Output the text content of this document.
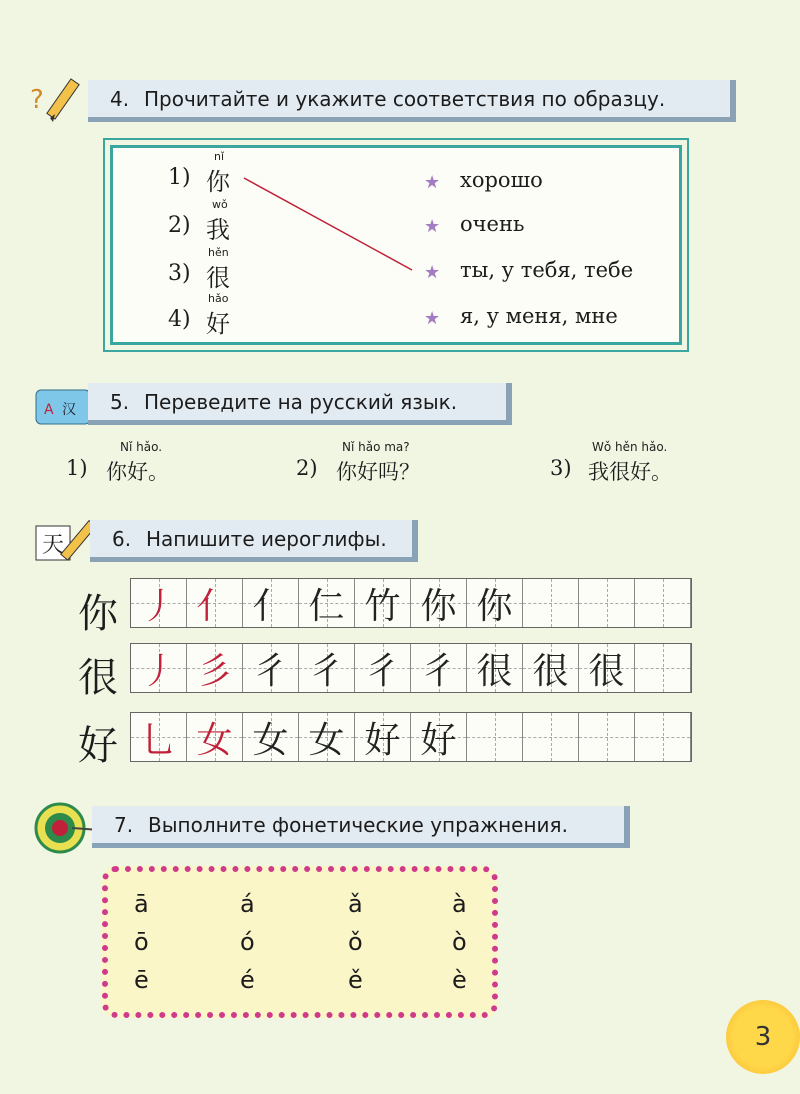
?	4. Прочитайте и укажите соответствия по образцу.
1)
nǐ
你
2)
wǒ
我
3)
hěn
很
4)
hǎo
好
★ хорошо
★ очень
★ ты, у тебя, тебе
★ я, у меня, мне
A 汉 5. Переведите на русский язык.
Nǐ hǎo.
1) 你好。
Nǐ hǎo ma?
2) 你好吗？
Wǒ hěn hǎo.
3) 我很好。
天 6. Напишите иероглифы.
你 丿 亻 亻 仁 竹 你 你
很 丿 彡 彳 彳 彳 彳 很 很 很
好 乚 女 女 女 好 好
7. Выполните фонетические упражнения.
ā	á	ǎ	à
ō	ó	ǒ	ò
ē	é	ě	è
3
